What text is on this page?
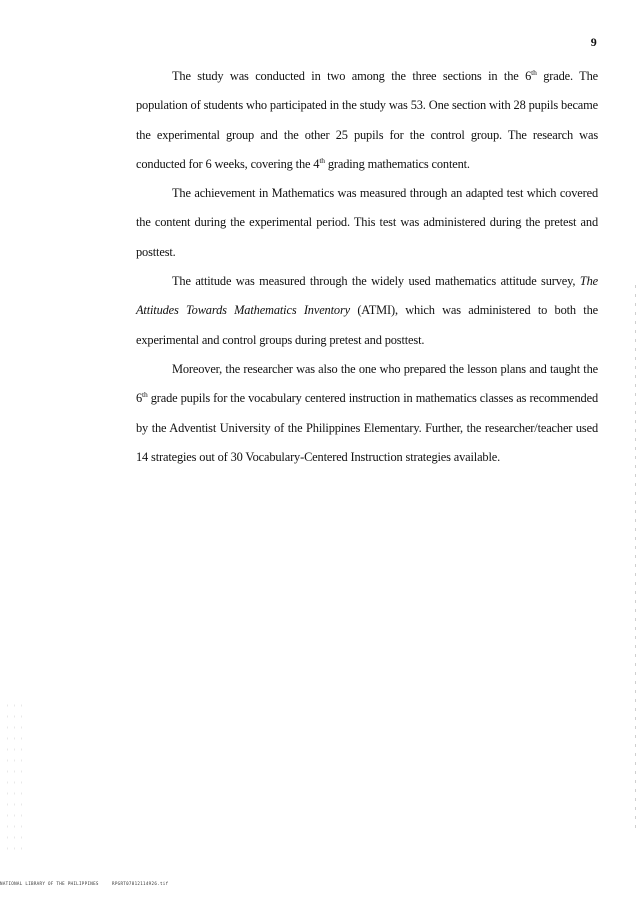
9

The study was conducted in two among the three sections in the 6th grade. The population of students who participated in the study was 53. One section with 28 pupils became the experimental group and the other 25 pupils for the control group. The research was conducted for 6 weeks, covering the 4th grading mathematics content.

The achievement in Mathematics was measured through an adapted test which covered the content during the experimental period. This test was administered during the pretest and posttest.

The attitude was measured through the widely used mathematics attitude survey, The Attitudes Towards Mathematics Inventory (ATMI), which was administered to both the experimental and control groups during pretest and posttest.

Moreover, the researcher was also the one who prepared the lesson plans and taught the 6th grade pupils for the vocabulary centered instruction in mathematics classes as recommended by the Adventist University of the Philippines Elementary. Further, the researcher/teacher used 14 strategies out of 30 Vocabulary-Centered Instruction strategies available.

NATIONAL LIBRARY OF THE PHILIPPINES	RPGRT07812114926.tif
